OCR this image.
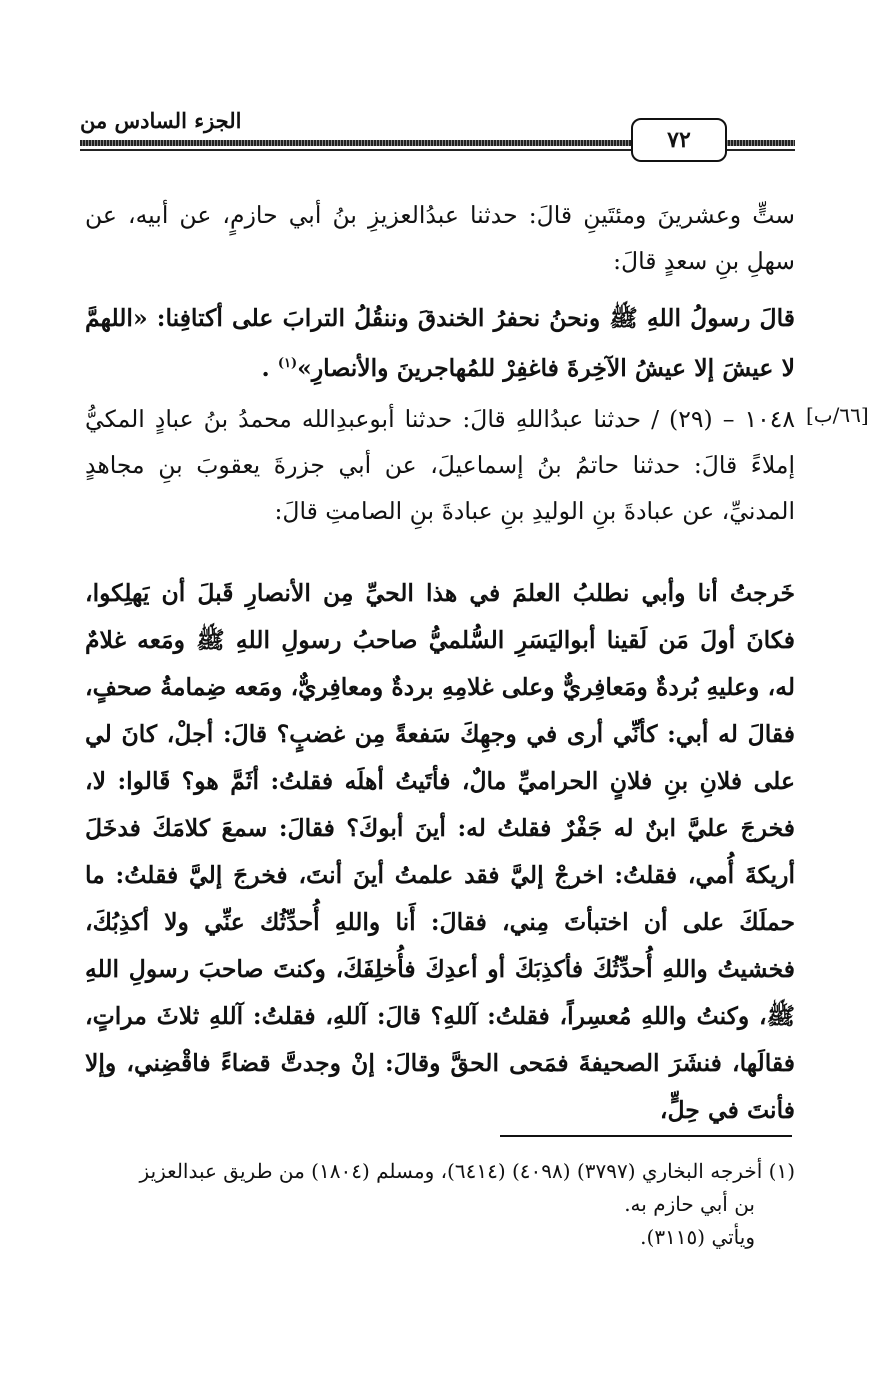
الجزء السادس من
٧٢
[٦٦/ب]
ستٍّ وعشرينَ ومئتَينِ قالَ: حدثنا عبدُالعزيزِ بنُ أبي حازمٍ، عن أبيه، عن سهلِ بنِ سعدٍ قالَ:
قالَ رسولُ اللهِ ﷺ ونحنُ نحفرُ الخندقَ وننقُلُ الترابَ على أكتافِنا: «اللهمَّ لا عيشَ إلا عيشُ الآخِرةَ فاغفِرْ للمُهاجرينَ والأنصارِ»$^{(١)}$ .
١٠٤٨ – (٢٩) / حدثنا عبدُاللهِ قالَ: حدثنا أبوعبدِالله محمدُ بنُ عبادٍ المكيُّ إملاءً قالَ: حدثنا حاتمُ بنُ إسماعيلَ، عن أبي جزرةَ يعقوبَ بنِ مجاهدٍ المدنيِّ، عن عبادةَ بنِ الوليدِ بنِ عبادةَ بنِ الصامتِ قالَ:
خَرجتُ أنا وأبي نطلبُ العلمَ في هذا الحيِّ مِن الأنصارِ قَبلَ أن يَهلِكوا، فكانَ أولَ مَن لَقينا أبواليَسَرِ السُّلميُّ صاحبُ رسولِ اللهِ ﷺ ومَعه غلامٌ له، وعليهِ بُردةٌ ومَعافِريٌّ وعلى غلامِهِ بردةٌ ومعافِريٌّ، ومَعه ضِمامةُ صحفٍ، فقالَ له أبي: كأنِّي أرى في وجهِكَ سَفعةً مِن غضبٍ؟ قالَ: أجلْ، كانَ لي على فلانِ بنِ فلانٍ الحراميِّ مالٌ، فأتَيتُ أهلَه فقلتُ: أثَمَّ هو؟ قَالوا: لا، فخرجَ عليَّ ابنٌ له جَفْرٌ فقلتُ له: أينَ أبوكَ؟ فقالَ: سمعَ كلامَكَ فدخَلَ أريكةَ أُمي، فقلتُ: اخرجْ إليَّ فقد علمتُ أينَ أنتَ، فخرجَ إليَّ فقلتُ: ما حملَكَ على أن اختبأتَ مِني، فقالَ: أَنا واللهِ أُحدِّثُك عنِّي ولا أكذِبُكَ، فخشيتُ واللهِ أُحدِّثُكَ فأكذِبَكَ أو أعدِكَ فأُخلِفَكَ، وكنتَ صاحبَ رسولِ اللهِ ﷺ، وكنتُ واللهِ مُعسِراً، فقلتُ: آللهِ؟ قالَ: آللهِ، فقلتُ: آللهِ ثلاثَ مراتٍ، فقالَها، فنشَرَ الصحيفةَ فمَحى الحقَّ وقالَ: إنْ وجدتَّ قضاءً فاقْضِني، وإلا فأنتَ في حِلٍّ،
(١) أخرجه البخاري (٣٧٩٧) (٤٠٩٨) (٦٤١٤)، ومسلم (١٨٠٤) من طريق عبدالعزيز
بن أبي حازم به.
ويأتي (٣١١٥).
